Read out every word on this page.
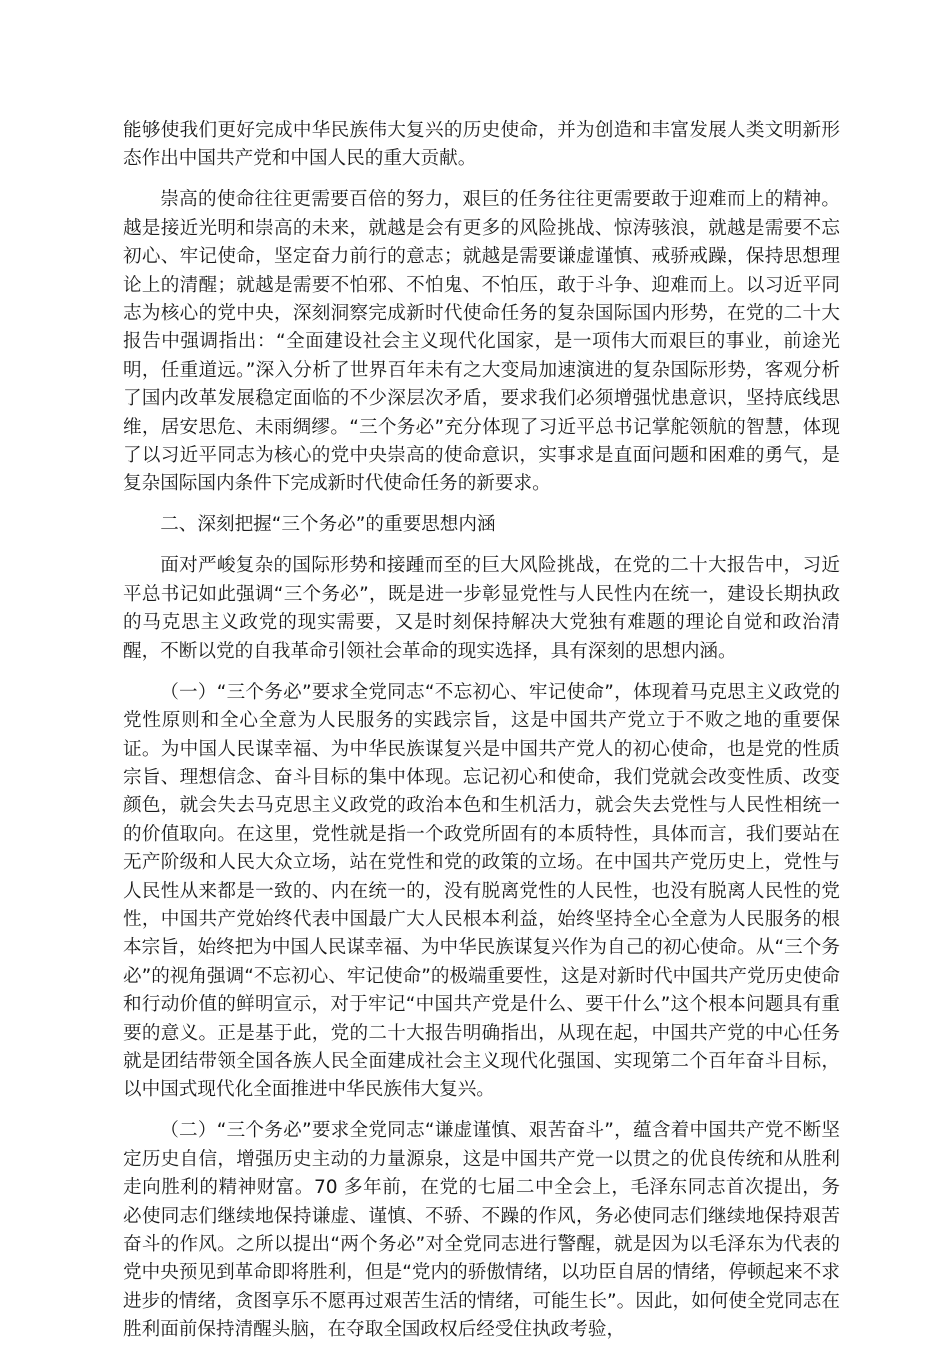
能够使我们更好完成中华民族伟大复兴的历史使命，并为创造和丰富发展人类文明新形态作出中国共产党和中国人民的重大贡献。

崇高的使命往往更需要百倍的努力，艰巨的任务往往更需要敢于迎难而上的精神。越是接近光明和崇高的未来，就越是会有更多的风险挑战、惊涛骇浪，就越是需要不忘初心、牢记使命，坚定奋力前行的意志；就越是需要谦虚谨慎、戒骄戒躁，保持思想理论上的清醒；就越是需要不怕邪、不怕鬼、不怕压，敢于斗争、迎难而上。以习近平同志为核心的党中央，深刻洞察完成新时代使命任务的复杂国际国内形势，在党的二十大报告中强调指出：“全面建设社会主义现代化国家，是一项伟大而艰巨的事业，前途光明，任重道远。”深入分析了世界百年未有之大变局加速演进的复杂国际形势，客观分析了国内改革发展稳定面临的不少深层次矛盾，要求我们必须增强忧患意识，坚持底线思维，居安思危、未雨绸缪。“三个务必”充分体现了习近平总书记掌舵领航的智慧，体现了以习近平同志为核心的党中央崇高的使命意识，实事求是直面问题和困难的勇气，是复杂国际国内条件下完成新时代使命任务的新要求。

二、深刻把握“三个务必”的重要思想内涵

面对严峻复杂的国际形势和接踵而至的巨大风险挑战，在党的二十大报告中，习近平总书记如此强调“三个务必”，既是进一步彰显党性与人民性内在统一，建设长期执政的马克思主义政党的现实需要，又是时刻保持解决大党独有难题的理论自觉和政治清醒，不断以党的自我革命引领社会革命的现实选择，具有深刻的思想内涵。

（一）“三个务必”要求全党同志“不忘初心、牢记使命”，体现着马克思主义政党的党性原则和全心全意为人民服务的实践宗旨，这是中国共产党立于不败之地的重要保证。为中国人民谋幸福、为中华民族谋复兴是中国共产党人的初心使命，也是党的性质宗旨、理想信念、奋斗目标的集中体现。忘记初心和使命，我们党就会改变性质、改变颜色，就会失去马克思主义政党的政治本色和生机活力，就会失去党性与人民性相统一的价值取向。在这里，党性就是指一个政党所固有的本质特性，具体而言，我们要站在无产阶级和人民大众立场，站在党性和党的政策的立场。在中国共产党历史上，党性与人民性从来都是一致的、内在统一的，没有脱离党性的人民性，也没有脱离人民性的党性，中国共产党始终代表中国最广大人民根本利益，始终坚持全心全意为人民服务的根本宗旨，始终把为中国人民谋幸福、为中华民族谋复兴作为自己的初心使命。从“三个务必”的视角强调“不忘初心、牢记使命”的极端重要性，这是对新时代中国共产党历史使命和行动价值的鲜明宣示，对于牢记“中国共产党是什么、要干什么”这个根本问题具有重要的意义。正是基于此，党的二十大报告明确指出，从现在起，中国共产党的中心任务就是团结带领全国各族人民全面建成社会主义现代化强国、实现第二个百年奋斗目标，以中国式现代化全面推进中华民族伟大复兴。

（二）“三个务必”要求全党同志“谦虚谨慎、艰苦奋斗”，蕴含着中国共产党不断坚定历史自信，增强历史主动的力量源泉，这是中国共产党一以贯之的优良传统和从胜利走向胜利的精神财富。70 多年前，在党的七届二中全会上，毛泽东同志首次提出，务必使同志们继续地保持谦虚、谨慎、不骄、不躁的作风，务必使同志们继续地保持艰苦奋斗的作风。之所以提出“两个务必”对全党同志进行警醒，就是因为以毛泽东为代表的党中央预见到革命即将胜利，但是“党内的骄傲情绪，以功臣自居的情绪，停顿起来不求进步的情绪，贪图享乐不愿再过艰苦生活的情绪，可能生长”。因此，如何使全党同志在胜利面前保持清醒头脑，在夺取全国政权后经受住执政考验，
